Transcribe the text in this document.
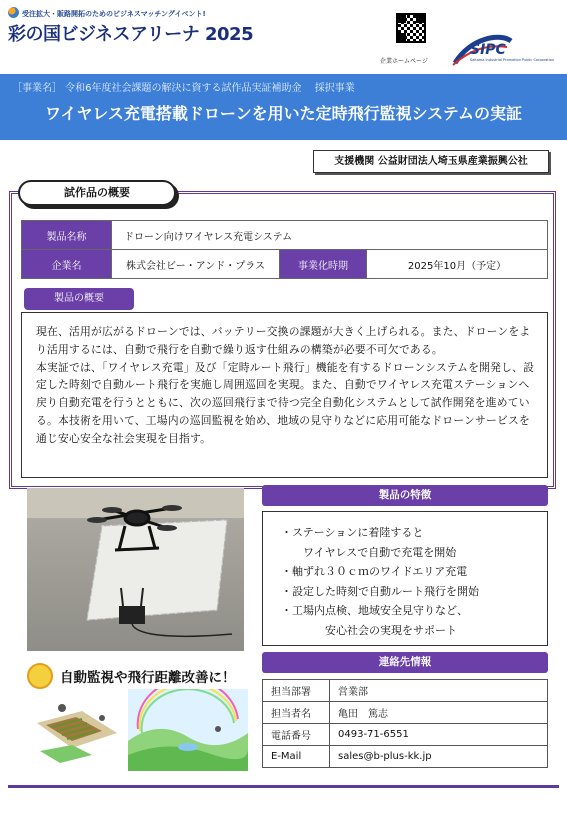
受注拡大・販路開拓のためのビジネスマッチングイベント!
彩の国ビジネスアリーナ 2025
企業ホームページ
SIPC
Saitama Industrial Promotion Public Corporation
［事業名］ 令和6年度社会課題の解決に資する試作品実証補助金　 採択事業
ワイヤレス充電搭載ドローンを用いた定時飛行監視システムの実証
支援機関 公益財団法人埼玉県産業振興公社
試作品の概要
製品名称	ドローン向けワイヤレス充電システム		
企業名	株式会社ビー・アンド・プラス	事業化時期	2025年10月（予定）
製品の概要

現在、活用が広がるドローンでは、バッテリー交換の課題が大きく上げられる。また、ドローンをより活用するには、自動で飛行を自動で繰り返す仕組みの構築が必要不可欠である。

本実証では、「ワイヤレス充電」及び「定時ルート飛行」機能を有するドローンシステムを開発し、設定した時刻で自動ルート飛行を実施し周囲巡回を実現。また、自動でワイヤレス充電ステーションへ戻り自動充電を行うとともに、次の巡回飛行まで待つ完全自動化システムとして試作開発を進めている。本技術を用いて、工場内の巡回監視を始め、地域の見守りなどに応用可能なドローンサービスを通じ安心安全な社会実現を目指す。

製品の特徴
・ステーションに着陸すると
　　ワイヤレスで自動で充電を開始
・軸ずれ３０ｃｍのワイドエリア充電
・設定した時刻で自動ルート飛行を開始
・工場内点検、地域安全見守りなど、
　　　　安心社会の実現をサポート
連絡先情報
担当部署	営業部
担当者名	亀田　篤志
電話番号	0493-71-6551
E-Mail	sales@b-plus-kk.jp
自動監視や飛行距離改善に！
